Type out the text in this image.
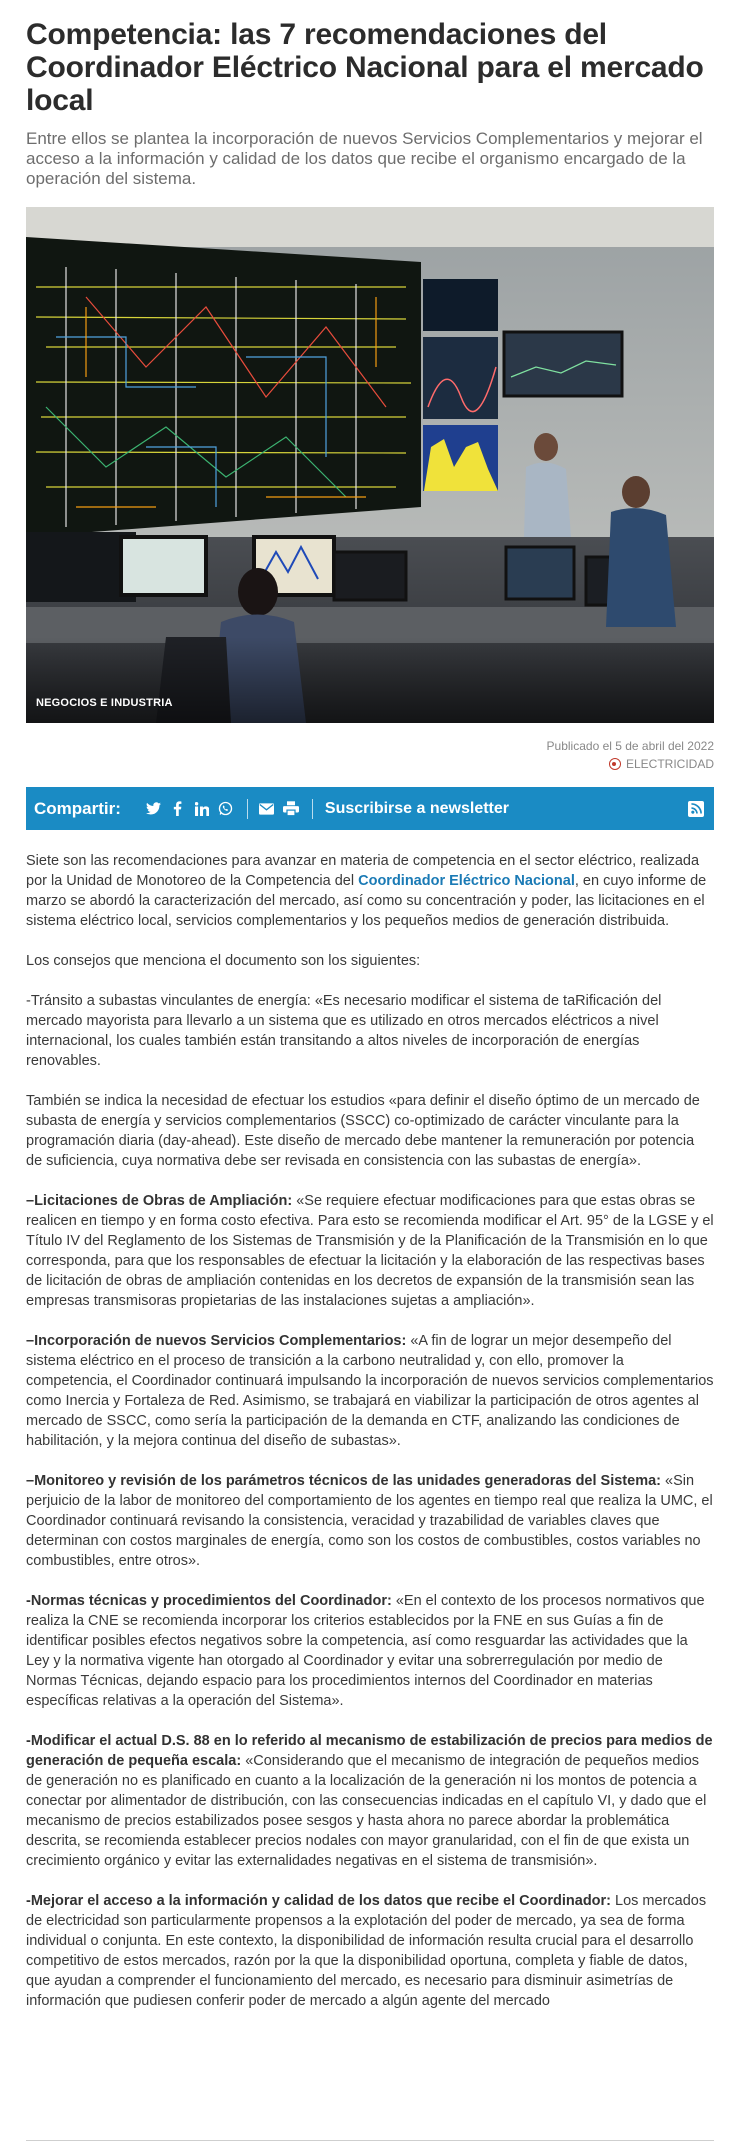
Competencia: las 7 recomendaciones del Coordinador Eléctrico Nacional para el mercado local

Entre ellos se plantea la incorporación de nuevos Servicios Complementarios y mejorar el acceso a la información y calidad de los datos que recibe el organismo encargado de la operación del sistema.

NEGOCIOS E INDUSTRIA
Publicado el 5 de abril del 2022
ELECTRICIDAD
Compartir:	Suscribirse a newsletter

Siete son las recomendaciones para avanzar en materia de competencia en el sector eléctrico, realizada por la Unidad de Monotoreo de la Competencia del Coordinador Eléctrico Nacional, en cuyo informe de marzo se abordó la caracterización del mercado, así como su concentración y poder, las licitaciones en el sistema eléctrico local, servicios complementarios y los pequeños medios de generación distribuida.

Los consejos que menciona el documento son los siguientes:

-Tránsito a subastas vinculantes de energía: «Es necesario modificar el sistema de taRificación del mercado mayorista para llevarlo a un sistema que es utilizado en otros mercados eléctricos a nivel internacional, los cuales también están transitando a altos niveles de incorporación de energías renovables.

También se indica la necesidad de efectuar los estudios «para definir el diseño óptimo de un mercado de subasta de energía y servicios complementarios (SSCC) co-optimizado de carácter vinculante para la programación diaria (day-ahead). Este diseño de mercado debe mantener la remuneración por potencia de suficiencia, cuya normativa debe ser revisada en consistencia con las subastas de energía».

–Licitaciones de Obras de Ampliación: «Se requiere efectuar modificaciones para que estas obras se realicen en tiempo y en forma costo efectiva. Para esto se recomienda modificar el Art. 95° de la LGSE y el Título IV del Reglamento de los Sistemas de Transmisión y de la Planificación de la Transmisión en lo que corresponda, para que los responsables de efectuar la licitación y la elaboración de las respectivas bases de licitación de obras de ampliación contenidas en los decretos de expansión de la transmisión sean las empresas transmisoras propietarias de las instalaciones sujetas a ampliación».

–Incorporación de nuevos Servicios Complementarios: «A fin de lograr un mejor desempeño del sistema eléctrico en el proceso de transición a la carbono neutralidad y, con ello, promover la competencia, el Coordinador continuará impulsando la incorporación de nuevos servicios complementarios como Inercia y Fortaleza de Red. Asimismo, se trabajará en viabilizar la participación de otros agentes al mercado de SSCC, como sería la participación de la demanda en CTF, analizando las condiciones de habilitación, y la mejora continua del diseño de subastas».

–Monitoreo y revisión de los parámetros técnicos de las unidades generadoras del Sistema: «Sin perjuicio de la labor de monitoreo del comportamiento de los agentes en tiempo real que realiza la UMC, el Coordinador continuará revisando la consistencia, veracidad y trazabilidad de variables claves que determinan con costos marginales de energía, como son los costos de combustibles, costos variables no combustibles, entre otros».

-Normas técnicas y procedimientos del Coordinador: «En el contexto de los procesos normativos que realiza la CNE se recomienda incorporar los criterios establecidos por la FNE en sus Guías a fin de identificar posibles efectos negativos sobre la competencia, así como resguardar las actividades que la Ley y la normativa vigente han otorgado al Coordinador y evitar una sobrerregulación por medio de Normas Técnicas, dejando espacio para los procedimientos internos del Coordinador en materias específicas relativas a la operación del Sistema».

-Modificar el actual D.S. 88 en lo referido al mecanismo de estabilización de precios para medios de generación de pequeña escala: «Considerando que el mecanismo de integración de pequeños medios de generación no es planificado en cuanto a la localización de la generación ni los montos de potencia a conectar por alimentador de distribución, con las consecuencias indicadas en el capítulo VI, y dado que el mecanismo de precios estabilizados posee sesgos y hasta ahora no parece abordar la problemática descrita, se recomienda establecer precios nodales con mayor granularidad, con el fin de que exista un crecimiento orgánico y evitar las externalidades negativas en el sistema de transmisión».

-Mejorar el acceso a la información y calidad de los datos que recibe el Coordinador: Los mercados de electricidad son particularmente propensos a la explotación del poder de mercado, ya sea de forma individual o conjunta. En este contexto, la disponibilidad de información resulta crucial para el desarrollo competitivo de estos mercados, razón por la que la disponibilidad oportuna, completa y fiable de datos, que ayudan a comprender el funcionamiento del mercado, es necesario para disminuir asimetrías de información que pudiesen conferir poder de mercado a algún agente del mercado
